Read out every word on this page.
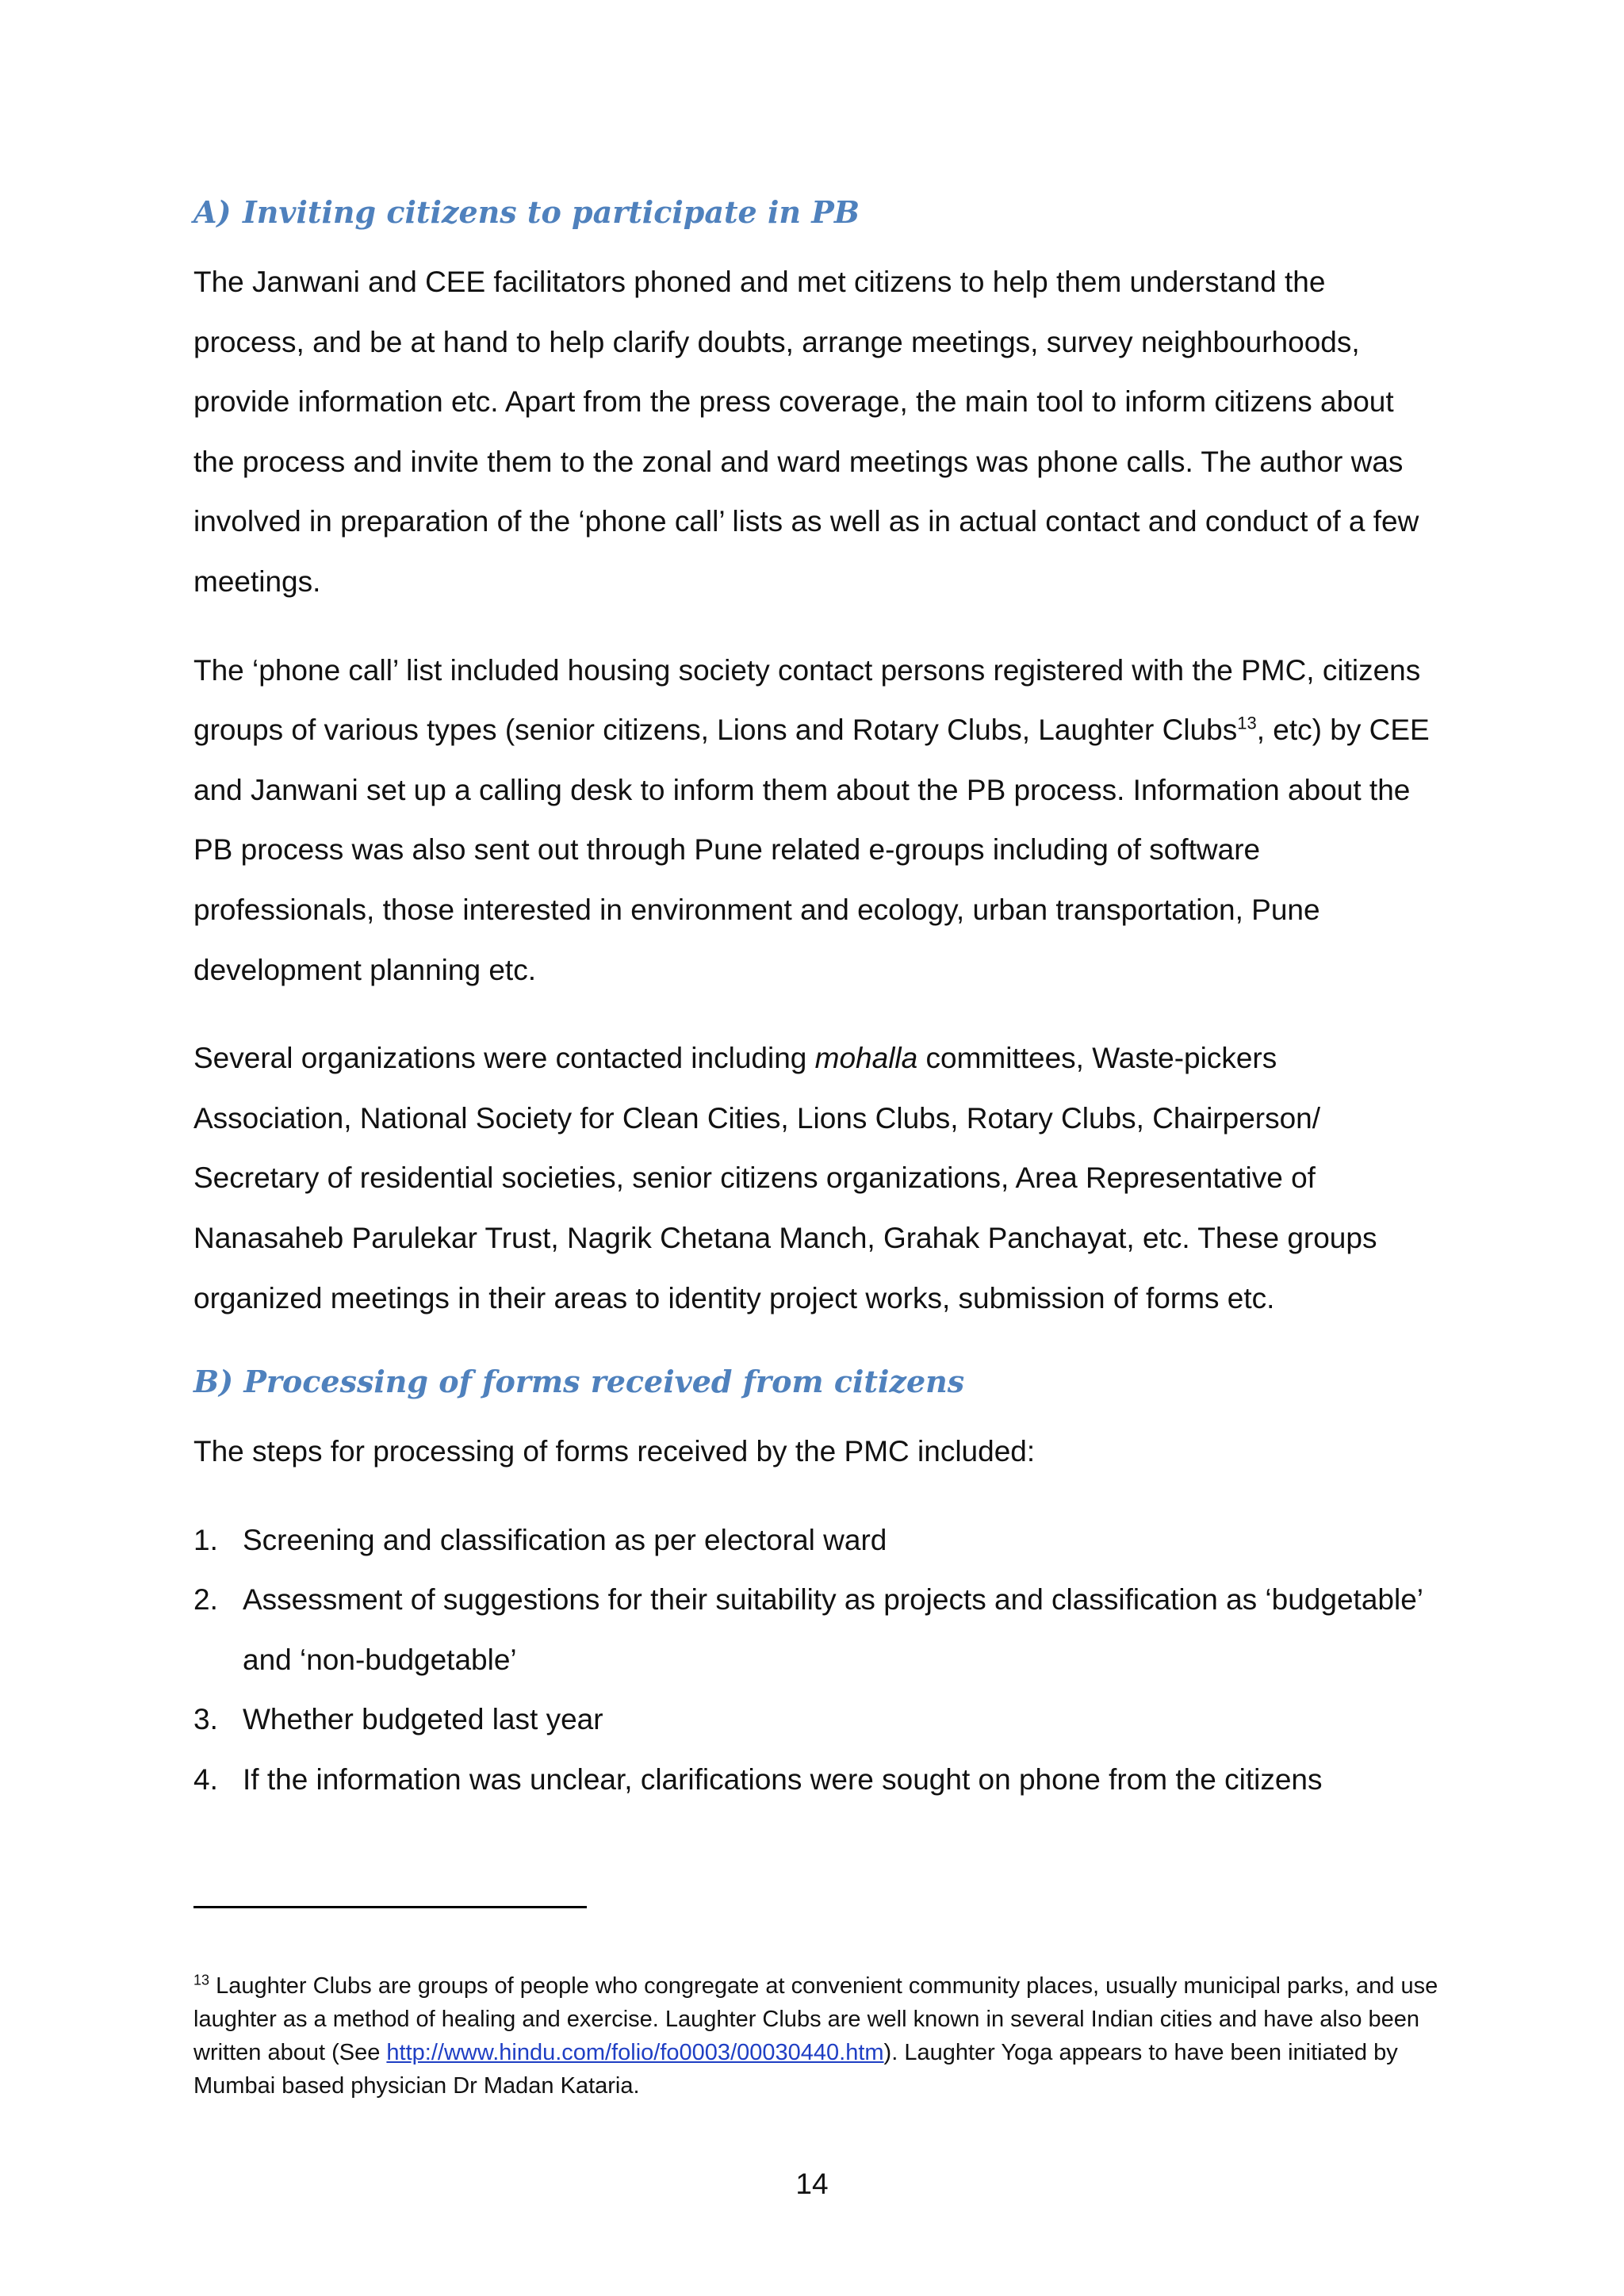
A) Inviting citizens to participate in PB

The Janwani and CEE facilitators phoned and met citizens to help them understand the process, and be at hand to help clarify doubts, arrange meetings, survey neighbourhoods, provide information etc. Apart from the press coverage, the main tool to inform citizens about the process and invite them to the zonal and ward meetings was phone calls. The author was involved in preparation of the ‘phone call’ lists as well as in actual contact and conduct of a few meetings.

The ‘phone call’ list included housing society contact persons registered with the PMC, citizens groups of various types (senior citizens, Lions and Rotary Clubs, Laughter Clubs$^{13}$, etc) by CEE and Janwani set up a calling desk to inform them about the PB process. Information about the PB process was also sent out through Pune related e-groups including of software professionals, those interested in environment and ecology, urban transportation, Pune development planning etc.

Several organizations were contacted including mohalla committees, Waste-pickers Association, National Society for Clean Cities, Lions Clubs, Rotary Clubs, Chairperson/ Secretary of residential societies, senior citizens organizations, Area Representative of Nanasaheb Parulekar Trust, Nagrik Chetana Manch, Grahak Panchayat, etc. These groups organized meetings in their areas to identity project works, submission of forms etc.

B) Processing of forms received from citizens

The steps for processing of forms received by the PMC included:

1. Screening and classification as per electoral ward
2. Assessment of suggestions for their suitability as projects and classification as ‘budgetable’ and ‘non-budgetable’
3. Whether budgeted last year
4. If the information was unclear, clarifications were sought on phone from the citizens
$^{13}$ Laughter Clubs are groups of people who congregate at convenient community places, usually municipal parks, and use laughter as a method of healing and exercise. Laughter Clubs are well known in several Indian cities and have also been written about (See http://www.hindu.com/folio/fo0003/00030440.htm). Laughter Yoga appears to have been initiated by Mumbai based physician Dr Madan Kataria.
14
